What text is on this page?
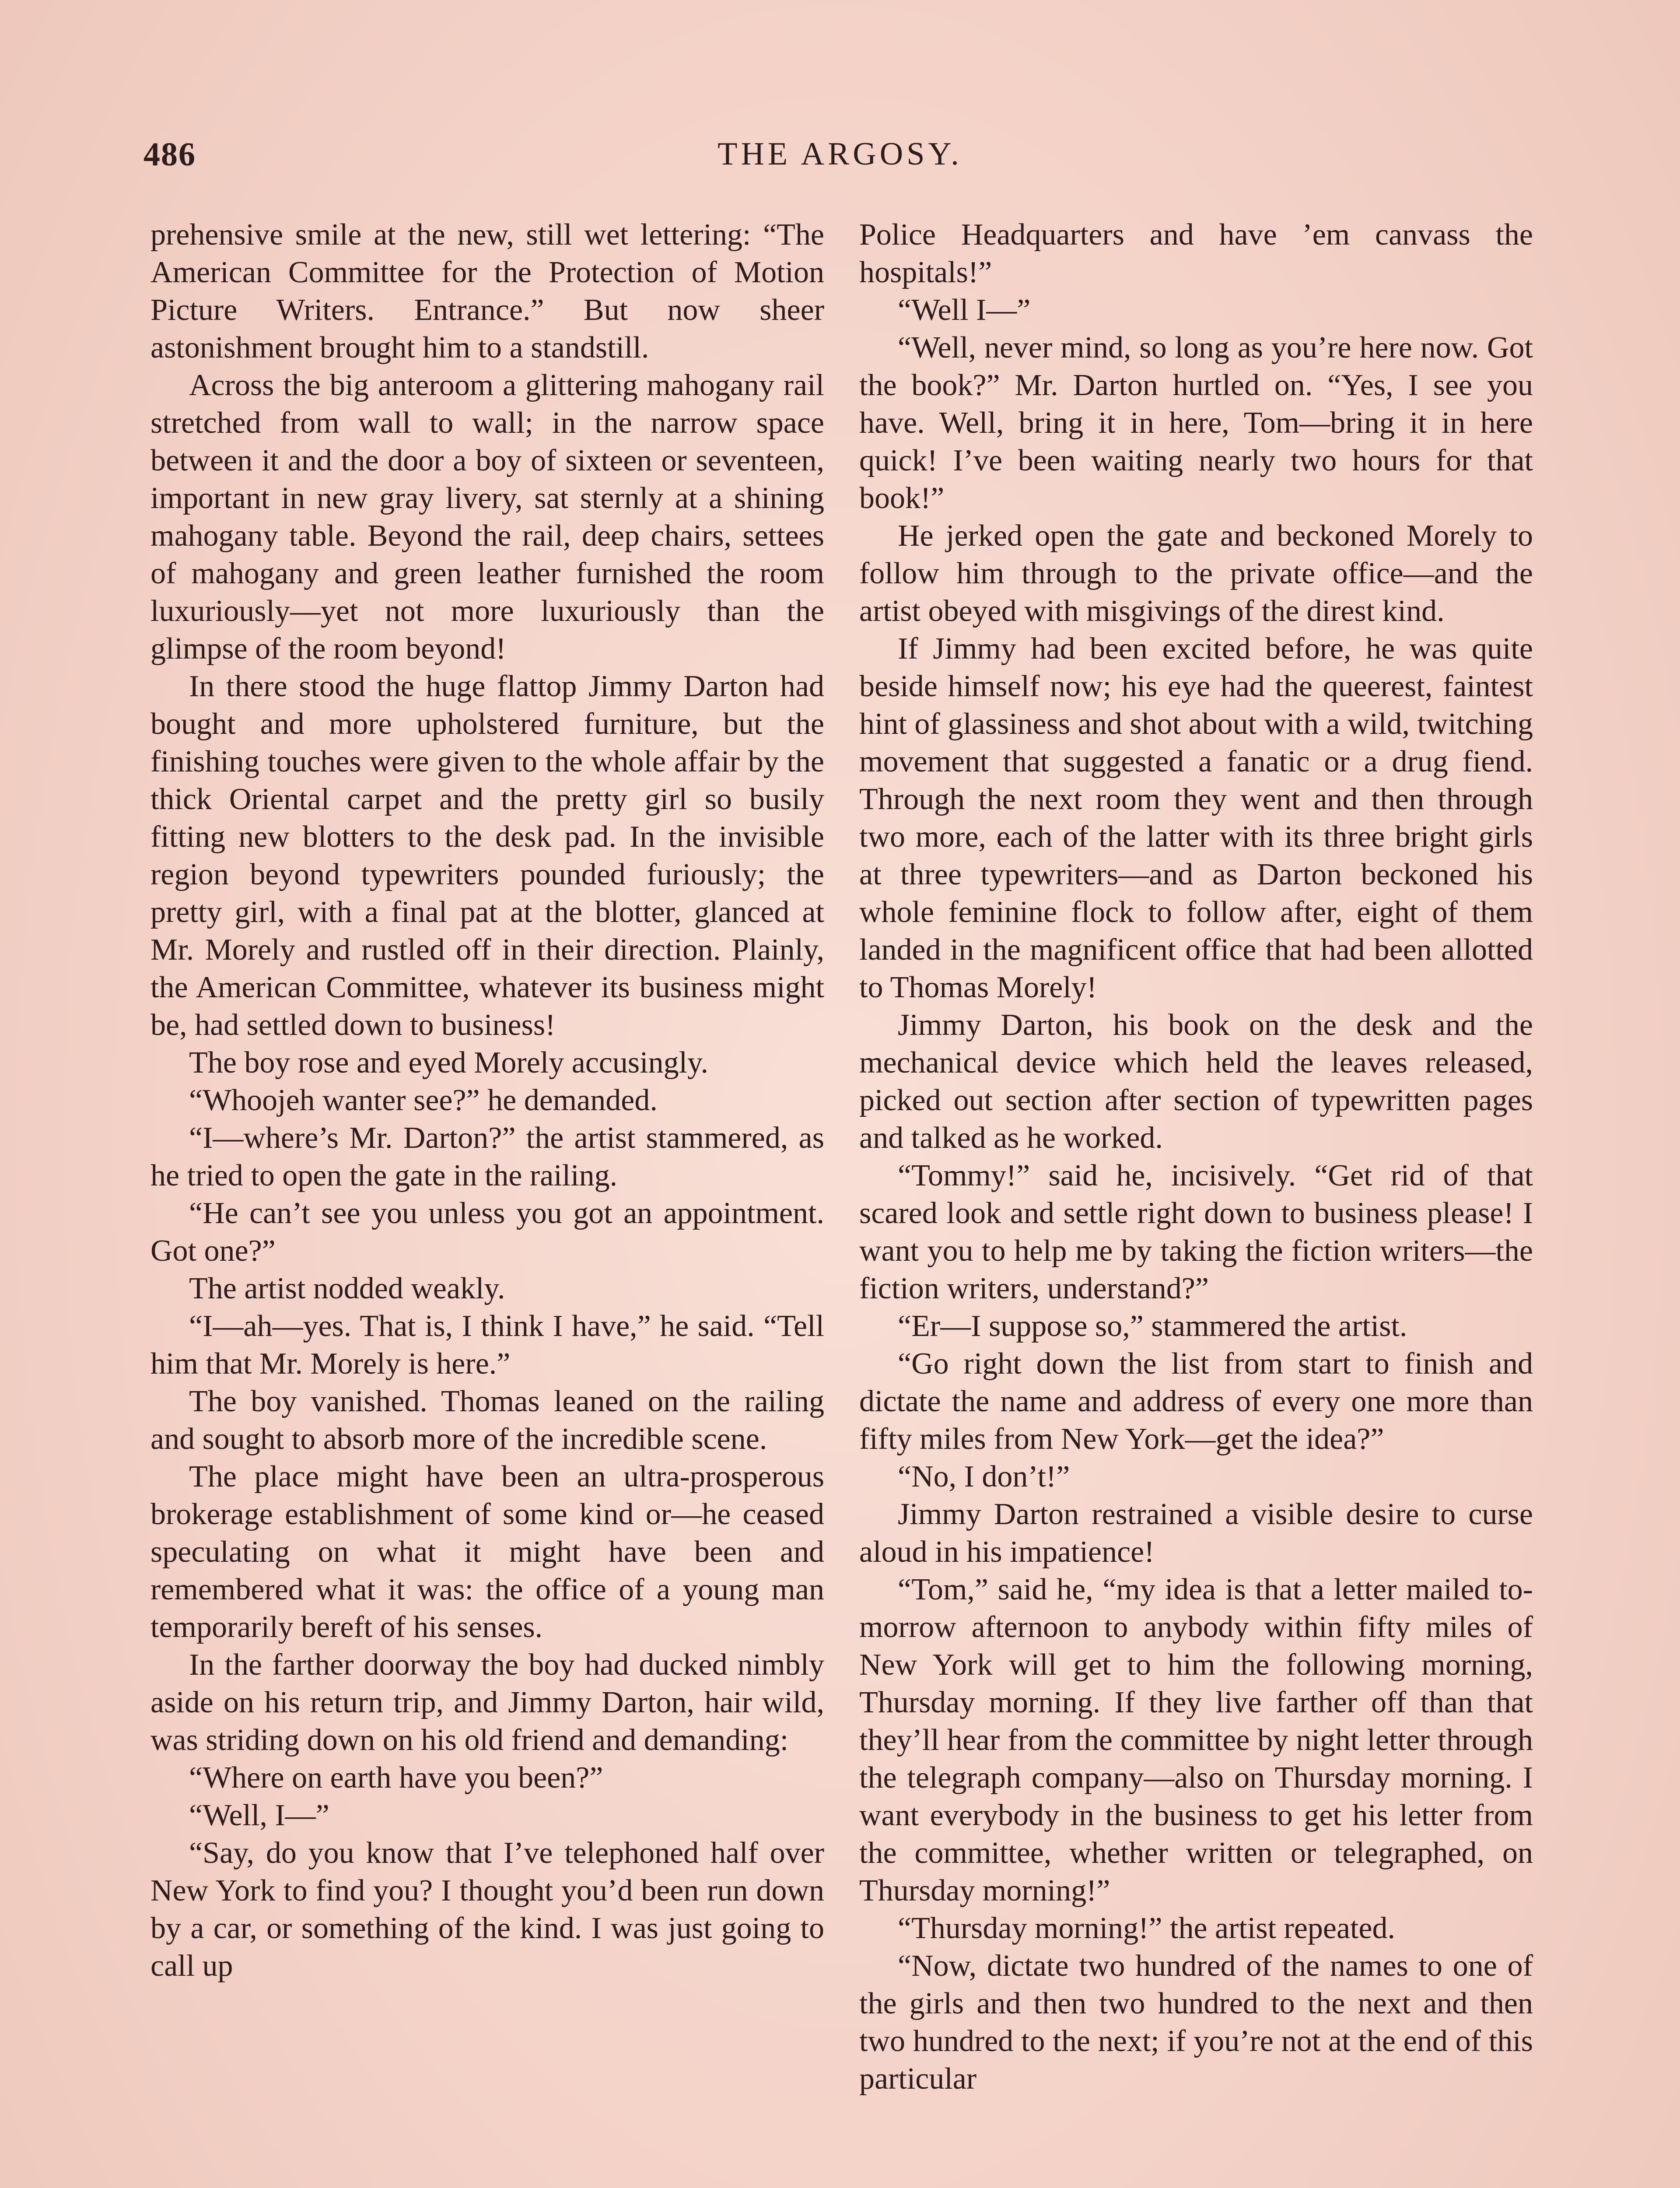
486	THE ARGOSY.

prehensive smile at the new, still wet lettering: “The American Committee for the Protection of Motion Picture Writers. Entrance.” But now sheer astonishment brought him to a standstill.

Across the big anteroom a glittering mahogany rail stretched from wall to wall; in the narrow space between it and the door a boy of sixteen or seventeen, important in new gray livery, sat sternly at a shining mahogany table. Beyond the rail, deep chairs, settees of mahogany and green leather furnished the room luxuriously—yet not more luxuriously than the glimpse of the room beyond!

In there stood the huge flattop Jimmy Darton had bought and more upholstered furniture, but the finishing touches were given to the whole affair by the thick Oriental carpet and the pretty girl so busily fitting new blotters to the desk pad. In the invisible region beyond typewriters pounded furiously; the pretty girl, with a final pat at the blotter, glanced at Mr. Morely and rustled off in their direction. Plainly, the American Committee, whatever its business might be, had settled down to business!

The boy rose and eyed Morely accusingly.

“Whoojeh wanter see?” he demanded.

“I—where’s Mr. Darton?” the artist stammered, as he tried to open the gate in the railing.

“He can’t see you unless you got an appointment. Got one?”

The artist nodded weakly.

“I—ah—yes. That is, I think I have,” he said. “Tell him that Mr. Morely is here.”

The boy vanished. Thomas leaned on the railing and sought to absorb more of the incredible scene.

The place might have been an ultra-prosperous brokerage establishment of some kind or—he ceased speculating on what it might have been and remembered what it was: the office of a young man temporarily bereft of his senses.

In the farther doorway the boy had ducked nimbly aside on his return trip, and Jimmy Darton, hair wild, was striding down on his old friend and demanding:

“Where on earth have you been?”

“Well, I—”

“Say, do you know that I’ve telephoned half over New York to find you? I thought you’d been run down by a car, or something of the kind. I was just going to call up

Police Headquarters and have ’em canvass the hospitals!”

“Well I—”

“Well, never mind, so long as you’re here now. Got the book?” Mr. Darton hurtled on. “Yes, I see you have. Well, bring it in here, Tom—bring it in here quick! I’ve been waiting nearly two hours for that book!”

He jerked open the gate and beckoned Morely to follow him through to the private office—and the artist obeyed with misgivings of the direst kind.

If Jimmy had been excited before, he was quite beside himself now; his eye had the queerest, faintest hint of glassiness and shot about with a wild, twitching movement that suggested a fanatic or a drug fiend. Through the next room they went and then through two more, each of the latter with its three bright girls at three typewriters—and as Darton beckoned his whole feminine flock to follow after, eight of them landed in the magnificent office that had been allotted to Thomas Morely!

Jimmy Darton, his book on the desk and the mechanical device which held the leaves released, picked out section after section of typewritten pages and talked as he worked.

“Tommy!” said he, incisively. “Get rid of that scared look and settle right down to business please! I want you to help me by taking the fiction writers—the fiction writers, understand?”

“Er—I suppose so,” stammered the artist.

“Go right down the list from start to finish and dictate the name and address of every one more than fifty miles from New York—get the idea?”

“No, I don’t!”

Jimmy Darton restrained a visible desire to curse aloud in his impatience!

“Tom,” said he, “my idea is that a letter mailed to-morrow afternoon to anybody within fifty miles of New York will get to him the following morning, Thursday morning. If they live farther off than that they’ll hear from the committee by night letter through the telegraph company—also on Thursday morning. I want everybody in the business to get his letter from the committee, whether written or telegraphed, on Thursday morning!”

“Thursday morning!” the artist repeated.

“Now, dictate two hundred of the names to one of the girls and then two hundred to the next and then two hundred to the next; if you’re not at the end of this particular
